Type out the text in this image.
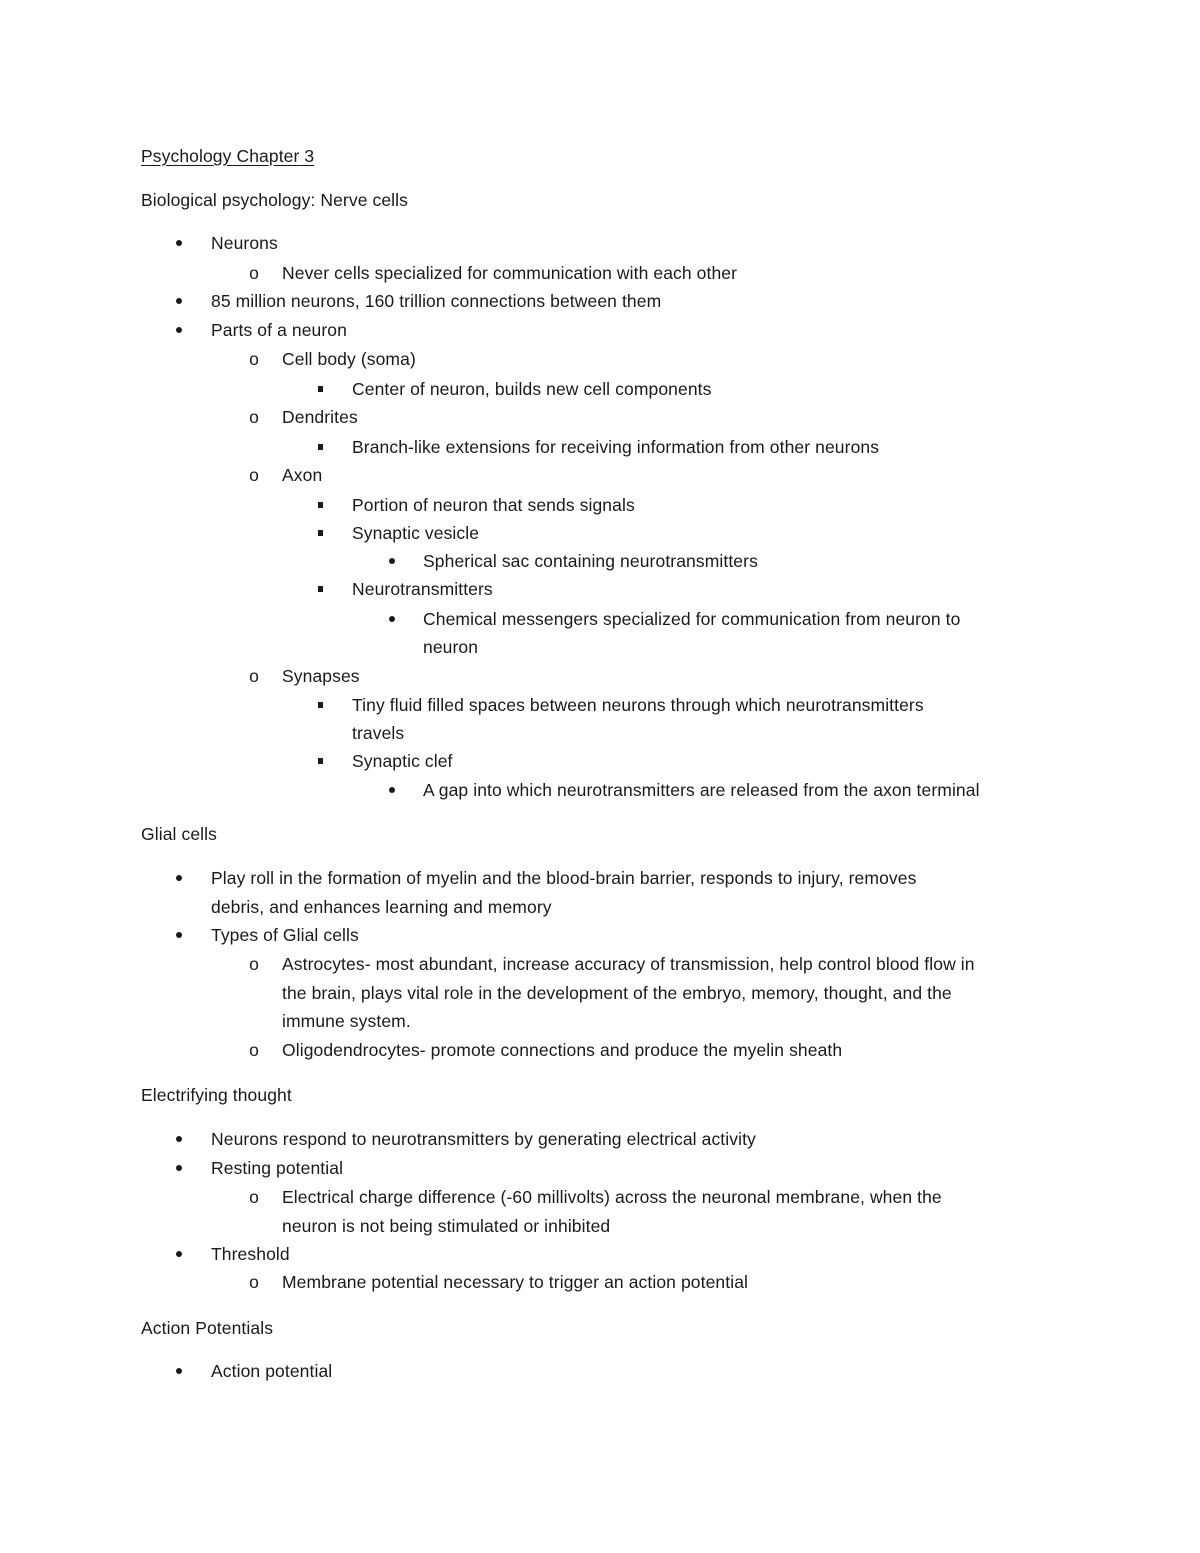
Psychology Chapter 3
Biological psychology: Nerve cells
Neurons
o Never cells specialized for communication with each other
85 million neurons, 160 trillion connections between them
Parts of a neuron
o Cell body (soma)
Center of neuron, builds new cell components
o Dendrites
Branch-like extensions for receiving information from other neurons
o Axon
Portion of neuron that sends signals
Synaptic vesicle
Spherical sac containing neurotransmitters
Neurotransmitters
Chemical messengers specialized for communication from neuron to
neuron
o Synapses
Tiny fluid filled spaces between neurons through which neurotransmitters
travels
Synaptic clef
A gap into which neurotransmitters are released from the axon terminal
Glial cells
Play roll in the formation of myelin and the blood-brain barrier, responds to injury, removes
debris, and enhances learning and memory
Types of Glial cells
o Astrocytes- most abundant, increase accuracy of transmission, help control blood flow in
the brain, plays vital role in the development of the embryo, memory, thought, and the
immune system.
o Oligodendrocytes- promote connections and produce the myelin sheath
Electrifying thought
Neurons respond to neurotransmitters by generating electrical activity
Resting potential
o Electrical charge difference (-60 millivolts) across the neuronal membrane, when the
neuron is not being stimulated or inhibited
Threshold
o Membrane potential necessary to trigger an action potential
Action Potentials
Action potential
